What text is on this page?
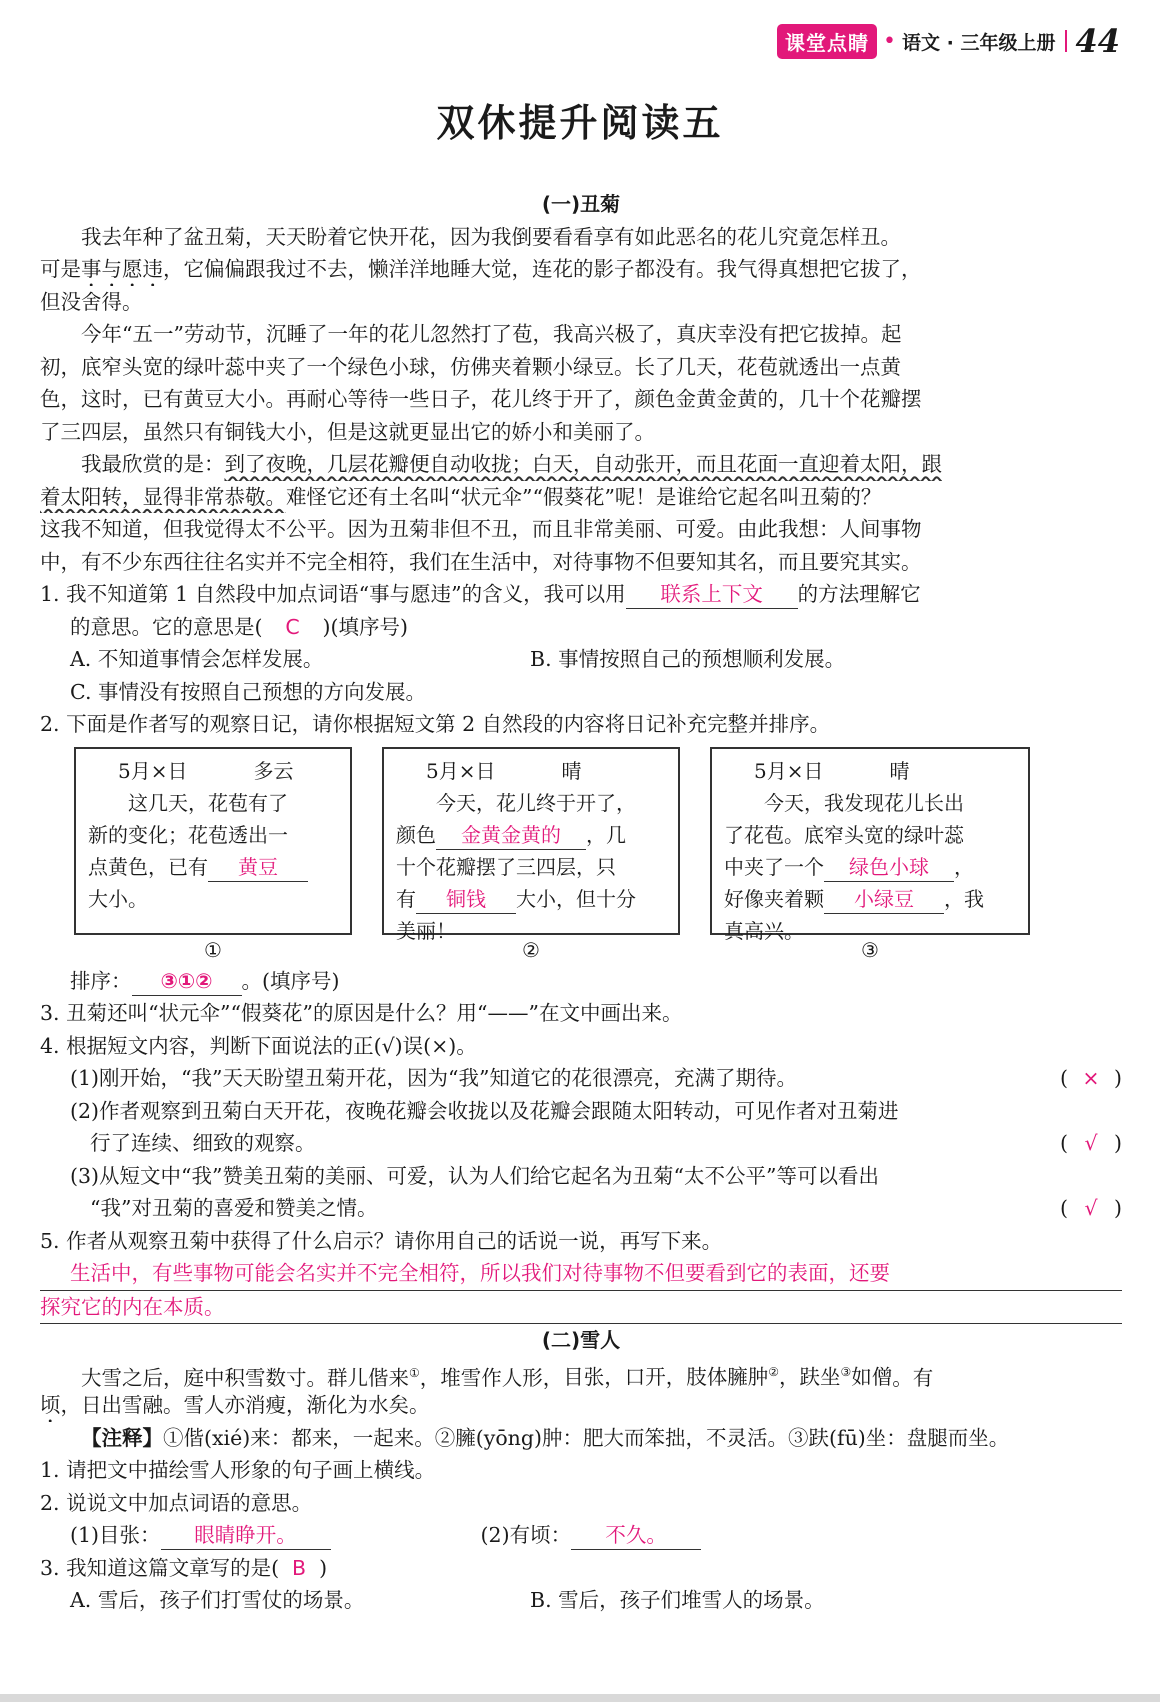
课堂点睛 • 语文 · 三年级上册 44
双休提升阅读五
(一)丑菊
我去年种了盆丑菊，天天盼着它快开花，因为我倒要看看享有如此恶名的花儿究竟怎样丑。
可是事与愿违，它偏偏跟我过不去，懒洋洋地睡大觉，连花的影子都没有。我气得真想把它拔了，
但没舍得。
今年“五一”劳动节，沉睡了一年的花儿忽然打了苞，我高兴极了，真庆幸没有把它拔掉。起
初，底窄头宽的绿叶蕊中夹了一个绿色小球，仿佛夹着颗小绿豆。长了几天，花苞就透出一点黄
色，这时，已有黄豆大小。再耐心等待一些日子，花儿终于开了，颜色金黄金黄的，几十个花瓣摆
了三四层，虽然只有铜钱大小，但是这就更显出它的娇小和美丽了。
我最欣赏的是：到了夜晚，几层花瓣便自动收拢；白天，自动张开，而且花面一直迎着太阳，跟
着太阳转，显得非常恭敬。难怪它还有土名叫“状元伞”“假葵花”呢！是谁给它起名叫丑菊的？
这我不知道，但我觉得太不公平。因为丑菊非但不丑，而且非常美丽、可爱。由此我想：人间事物
中，有不少东西往往名实并不完全相符，我们在生活中，对待事物不但要知其名，而且要究其实。
1. 我不知道第 1 自然段中加点词语“事与愿违”的含义，我可以用 联系上下文 的方法理解它
的意思。它的意思是( C )(填序号)
A. 不知道事情会怎样发展。	B. 事情按照自己的预想顺利发展。
C. 事情没有按照自己预想的方向发展。
2. 下面是作者写的观察日记，请你根据短文第 2 自然段的内容将日记补充完整并排序。
5月×日	多云
这几天，花苞有了
新的变化；花苞透出一
点黄色，已有 黄豆
大小。
5月×日	晴
今天，花儿终于开了，
颜色 金黄金黄的 ，几
十个花瓣摆了三四层，只
有 铜钱 大小，但十分
美丽！
5月×日	晴
今天，我发现花儿长出
了花苞。底窄头宽的绿叶蕊
中夹了一个 绿色小球 ，
好像夹着颗 小绿豆 ，我
真高兴。
①	②	③
排序： ③①② 。(填序号)
3. 丑菊还叫“状元伞”“假葵花”的原因是什么？用“——”在文中画出来。
4. 根据短文内容，判断下面说法的正(√)误(×)。
(1)刚开始，“我”天天盼望丑菊开花，因为“我”知道它的花很漂亮，充满了期待。	( × )
(2)作者观察到丑菊白天开花，夜晚花瓣会收拢以及花瓣会跟随太阳转动，可见作者对丑菊进
行了连续、细致的观察。	( √ )
(3)从短文中“我”赞美丑菊的美丽、可爱，认为人们给它起名为丑菊“太不公平”等可以看出
“我”对丑菊的喜爱和赞美之情。	( √ )
5. 作者从观察丑菊中获得了什么启示？请你用自己的话说一说，再写下来。
生活中，有些事物可能会名实并不完全相符，所以我们对待事物不但要看到它的表面，还要
探究它的内在本质。
(二)雪人
大雪之后，庭中积雪数寸。群儿偕来①，堆雪作人形，目张，口开，肢体臃肿②，趺坐③如僧。有
顷，日出雪融。雪人亦消瘦，渐化为水矣。
【注释】①偕(xié)来：都来，一起来。②臃(yōng)肿：肥大而笨拙，不灵活。③趺(fū)坐：盘腿而坐。
1. 请把文中描绘雪人形象的句子画上横线。
2. 说说文中加点词语的意思。
(1)目张： 眼睛睁开。	(2)有顷： 不久。
3. 我知道这篇文章写的是( B )
A. 雪后，孩子们打雪仗的场景。	B. 雪后，孩子们堆雪人的场景。
